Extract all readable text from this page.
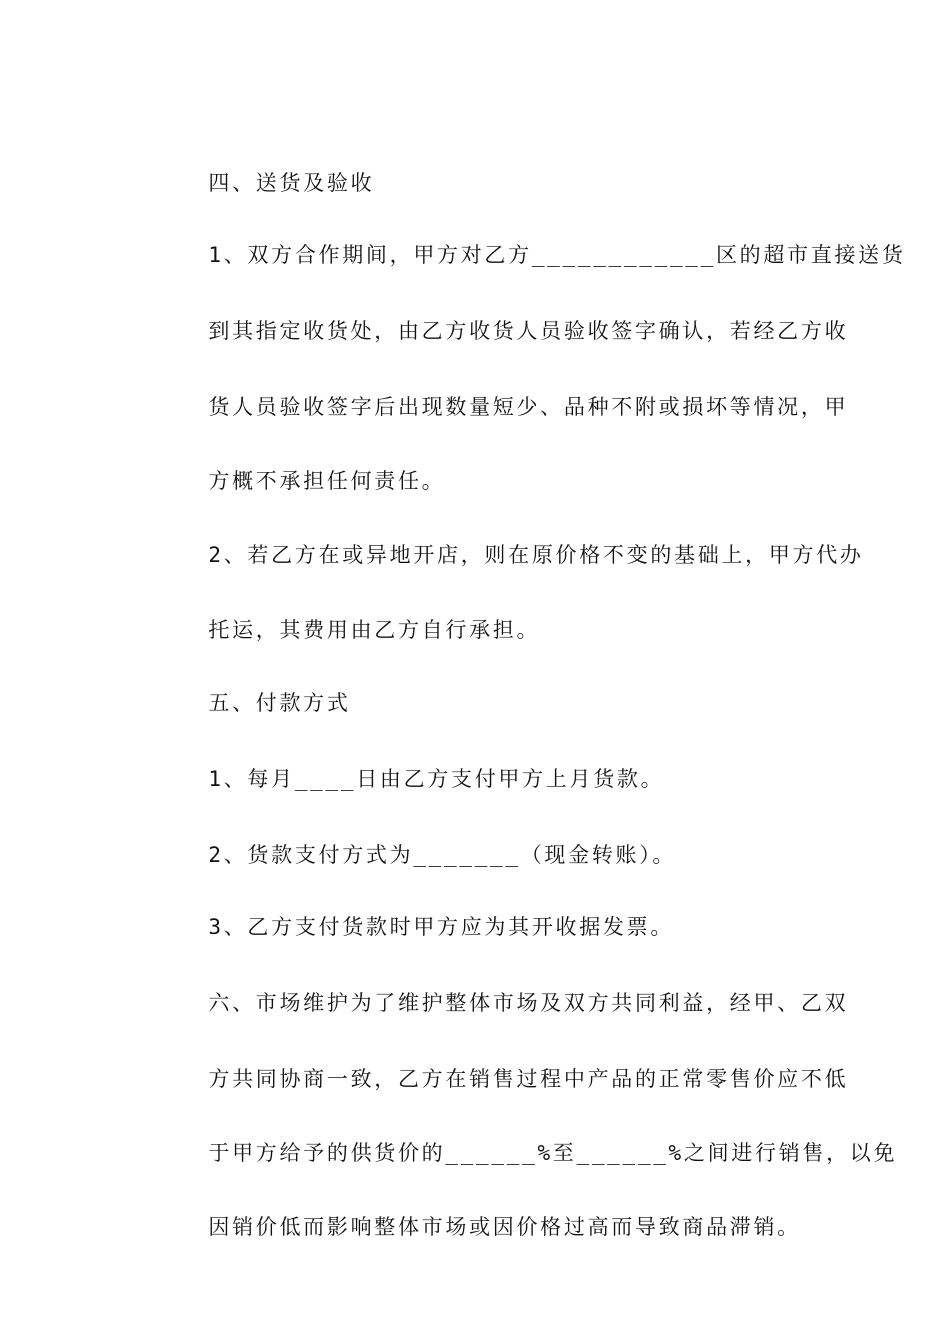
四、送货及验收

1、双方合作期间，甲方对乙方____________区的超市直接送货

到其指定收货处，由乙方收货人员验收签字确认，若经乙方收

货人员验收签字后出现数量短少、品种不附或损坏等情况，甲

方概不承担任何责任。

2、若乙方在或异地开店，则在原价格不变的基础上，甲方代办

托运，其费用由乙方自行承担。

五、付款方式

1、每月____日由乙方支付甲方上月货款。

2、货款支付方式为_______（现金转账）。

3、乙方支付货款时甲方应为其开收据发票。

六、市场维护为了维护整体市场及双方共同利益，经甲、乙双

方共同协商一致，乙方在销售过程中产品的正常零售价应不低

于甲方给予的供货价的______%至______%之间进行销售，以免

因销价低而影响整体市场或因价格过高而导致商品滞销。
